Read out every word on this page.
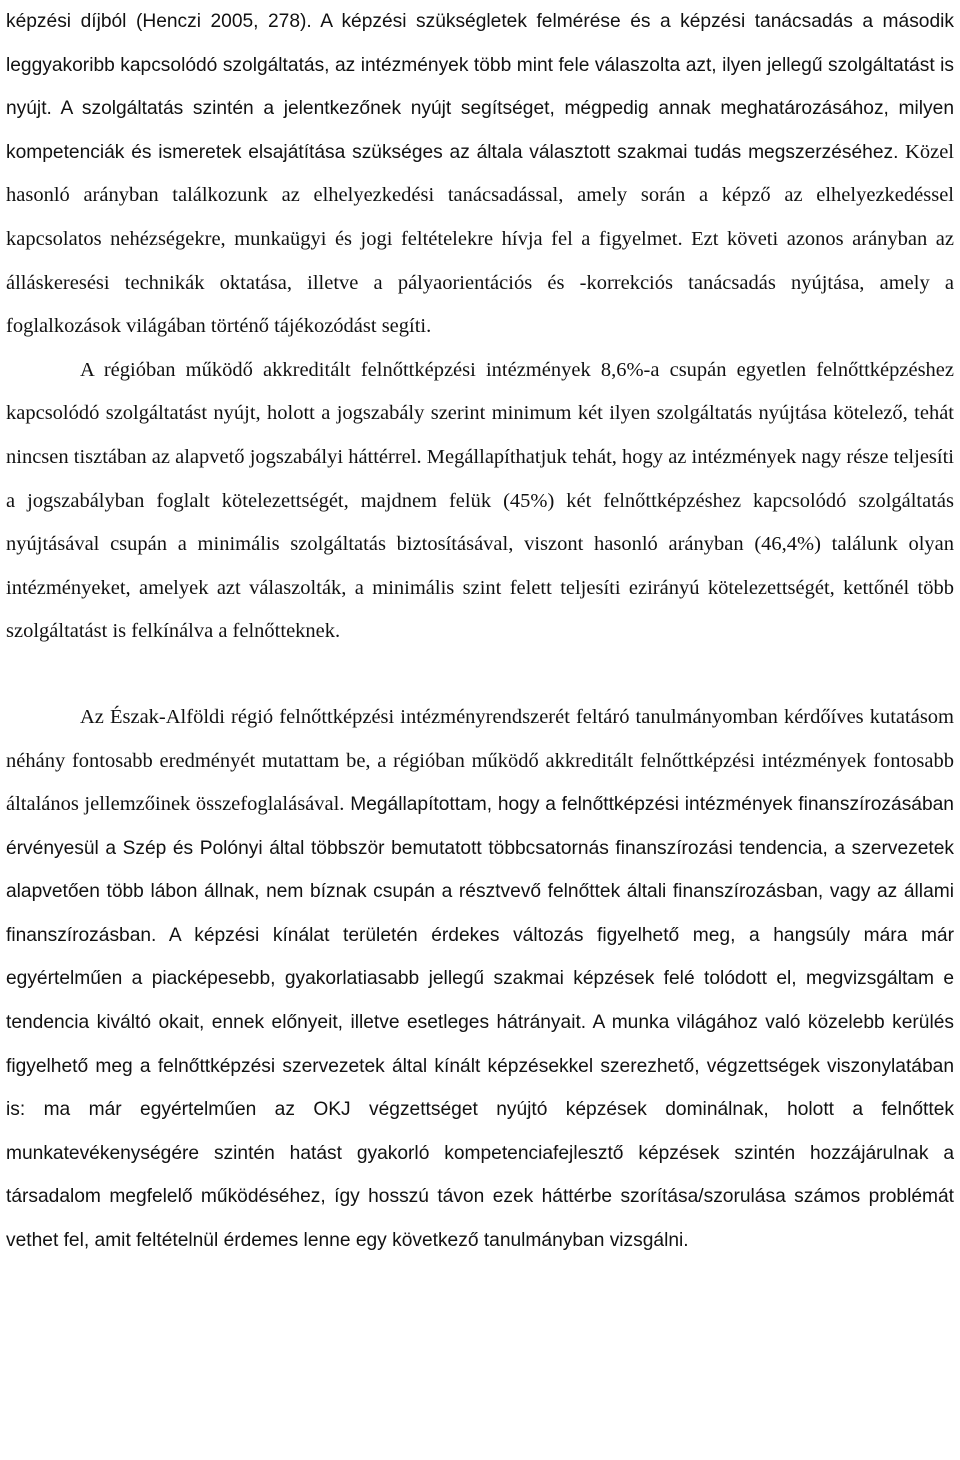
képzési díjból (Henczi 2005, 278). A képzési szükségletek felmérése és a képzési tanácsadás a második leggyakoribb kapcsolódó szolgáltatás, az intézmények több mint fele válaszolta azt, ilyen jellegű szolgáltatást is nyújt. A szolgáltatás szintén a jelentkezőnek nyújt segítséget, mégpedig annak meghatározásához, milyen kompetenciák és ismeretek elsajátítása szükséges az általa választott szakmai tudás megszerzéséhez. Közel hasonló arányban találkozunk az elhelyezkedési tanácsadással, amely során a képző az elhelyezkedéssel kapcsolatos nehézségekre, munkaügyi és jogi feltételekre hívja fel a figyelmet. Ezt követi azonos arányban az álláskeresési technikák oktatása, illetve a pályaorientációs és -korrekciós tanácsadás nyújtása, amely a foglalkozások világában történő tájékozódást segíti.

A régióban működő akkreditált felnőttképzési intézmények 8,6%-a csupán egyetlen felnőttképzéshez kapcsolódó szolgáltatást nyújt, holott a jogszabály szerint minimum két ilyen szolgáltatás nyújtása kötelező, tehát nincsen tisztában az alapvető jogszabályi háttérrel. Megállapíthatjuk tehát, hogy az intézmények nagy része teljesíti a jogszabályban foglalt kötelezettségét, majdnem felük (45%) két felnőttképzéshez kapcsolódó szolgáltatás nyújtásával csupán a minimális szolgáltatás biztosításával, viszont hasonló arányban (46,4%) találunk olyan intézményeket, amelyek azt válaszolták, a minimális szint felett teljesíti ezirányú kötelezettségét, kettőnél több szolgáltatást is felkínálva a felnőtteknek.

Az Észak-Alföldi régió felnőttképzési intézményrendszerét feltáró tanulmányomban kérdőíves kutatásom néhány fontosabb eredményét mutattam be, a régióban működő akkreditált felnőttképzési intézmények fontosabb általános jellemzőinek összefoglalásával. Megállapítottam, hogy a felnőttképzési intézmények finanszírozásában érvényesül a Szép és Polónyi által többször bemutatott többcsatornás finanszírozási tendencia, a szervezetek alapvetően több lábon állnak, nem bíznak csupán a résztvevő felnőttek általi finanszírozásban, vagy az állami finanszírozásban. A képzési kínálat területén érdekes változás figyelhető meg, a hangsúly mára már egyértelműen a piacképesebb, gyakorlatiasabb jellegű szakmai képzések felé tolódott el, megvizsgáltam e tendencia kiváltó okait, ennek előnyeit, illetve esetleges hátrányait. A munka világához való közelebb kerülés figyelhető meg a felnőttképzési szervezetek által kínált képzésekkel szerezhető, végzettségek viszonylatában is: ma már egyértelműen az OKJ végzettséget nyújtó képzések dominálnak, holott a felnőttek munkatevékenységére szintén hatást gyakorló kompetenciafejlesztő képzések szintén hozzájárulnak a társadalom megfelelő működéséhez, így hosszú távon ezek háttérbe szorítása/szorulása számos problémát vethet fel, amit feltételnül érdemes lenne egy következő tanulmányban vizsgálni.
